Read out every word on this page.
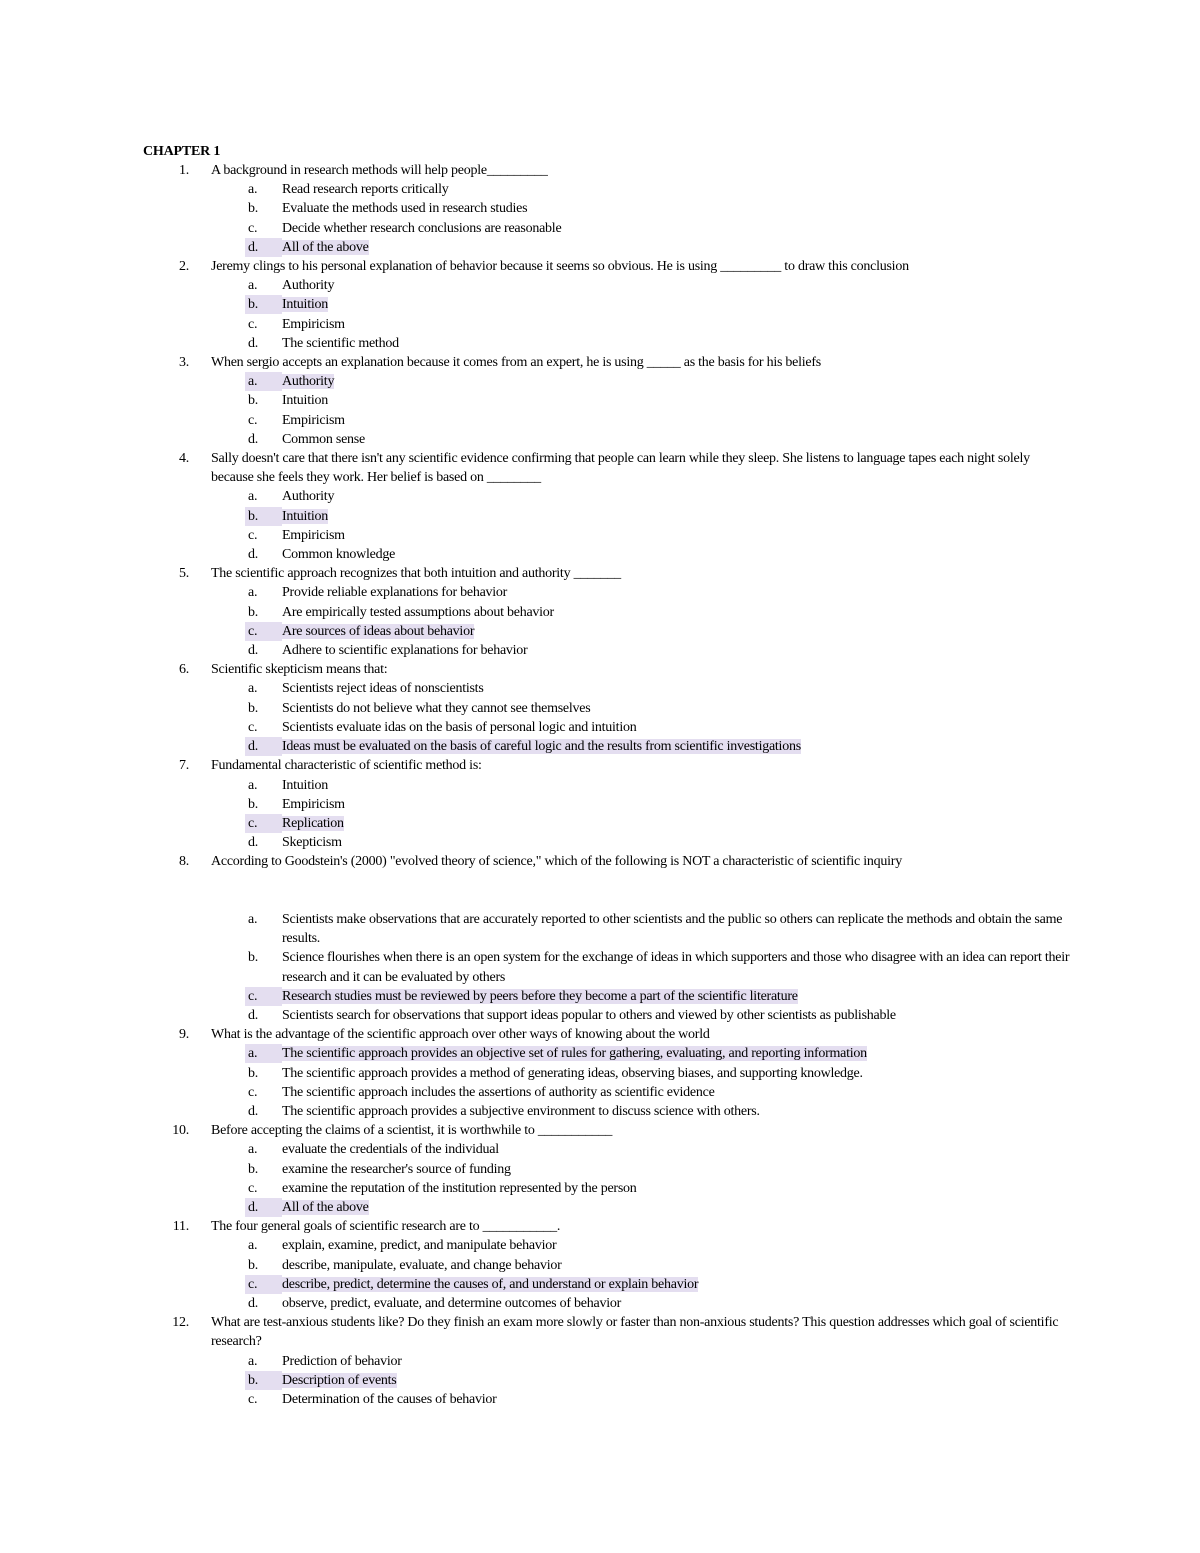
CHAPTER 1
1. A background in research methods will help people_________
a. Read research reports critically
b. Evaluate the methods used in research studies
c. Decide whether research conclusions are reasonable
d. All of the above
2. Jeremy clings to his personal explanation of behavior because it seems so obvious. He is using _________ to draw this conclusion
a. Authority
b. Intuition
c. Empiricism
d. The scientific method
3. When sergio accepts an explanation because it comes from an expert, he is using _____ as the basis for his beliefs
a. Authority
b. Intuition
c. Empiricism
d. Common sense
4. Sally doesn't care that there isn't any scientific evidence confirming that people can learn while they sleep. She listens to language tapes each night solely because she feels they work. Her belief is based on ________
a. Authority
b. Intuition
c. Empiricism
d. Common knowledge
5. The scientific approach recognizes that both intuition and authority _______
a. Provide reliable explanations for behavior
b. Are empirically tested assumptions about behavior
c. Are sources of ideas about behavior
d. Adhere to scientific explanations for behavior
6. Scientific skepticism means that:
a. Scientists reject ideas of nonscientists
b. Scientists do not believe what they cannot see themselves
c. Scientists evaluate idas on the basis of personal logic and intuition
d. Ideas must be evaluated on the basis of careful logic and the results from scientific investigations
7. Fundamental characteristic of scientific method is:
a. Intuition
b. Empiricism
c. Replication
d. Skepticism
8. According to Goodstein's (2000) "evolved theory of science," which of the following is NOT a characteristic of scientific inquiry
a. Scientists make observations that are accurately reported to other scientists and the public so others can replicate the methods and obtain the same results.
b. Science flourishes when there is an open system for the exchange of ideas in which supporters and those who disagree with an idea can report their research and it can be evaluated by others
c. Research studies must be reviewed by peers before they become a part of the scientific literature
d. Scientists search for observations that support ideas popular to others and viewed by other scientists as publishable
9. What is the advantage of the scientific approach over other ways of knowing about the world
a. The scientific approach provides an objective set of rules for gathering, evaluating, and reporting information
b. The scientific approach provides a method of generating ideas, observing biases, and supporting knowledge.
c. The scientific approach includes the assertions of authority as scientific evidence
d. The scientific approach provides a subjective environment to discuss science with others.
10. Before accepting the claims of a scientist, it is worthwhile to ___________
a. evaluate the credentials of the individual
b. examine the researcher's source of funding
c. examine the reputation of the institution represented by the person
d. All of the above
11. The four general goals of scientific research are to ___________.
a. explain, examine, predict, and manipulate behavior
b. describe, manipulate, evaluate, and change behavior
c. describe, predict, determine the causes of, and understand or explain behavior
d. observe, predict, evaluate, and determine outcomes of behavior
12. What are test-anxious students like? Do they finish an exam more slowly or faster than non-anxious students? This question addresses which goal of scientific research?
a. Prediction of behavior
b. Description of events
c. Determination of the causes of behavior
